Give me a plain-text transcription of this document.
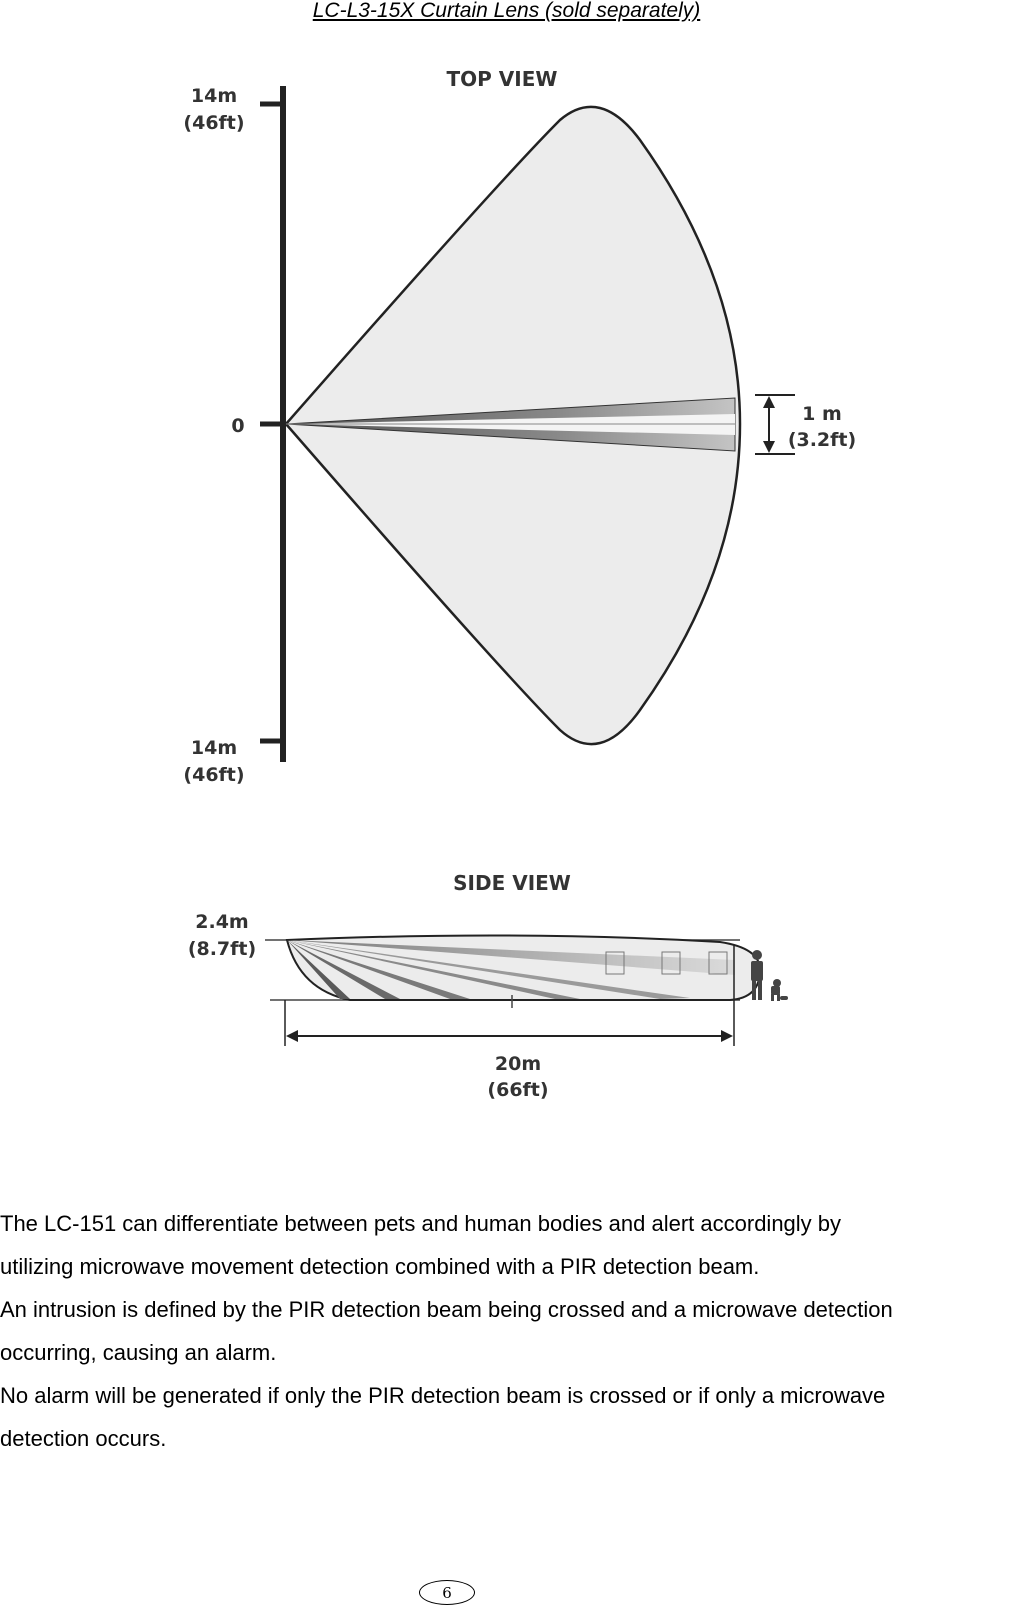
LC-L3-15X Curtain Lens (sold separately)
TOP VIEW
14m
(46ft)
0
14m
(46ft)
1 m
(3.2ft)
SIDE VIEW
2.4m
(8.7ft)
20m
(66ft)

The LC-151 can differentiate between pets and human bodies and alert accordingly by

utilizing microwave movement detection combined with a PIR detection beam.

An intrusion is defined by the PIR detection beam being crossed and a microwave detection

occurring, causing an alarm.

No alarm will be generated if only the PIR detection beam is crossed or if only a microwave

detection occurs.

6
